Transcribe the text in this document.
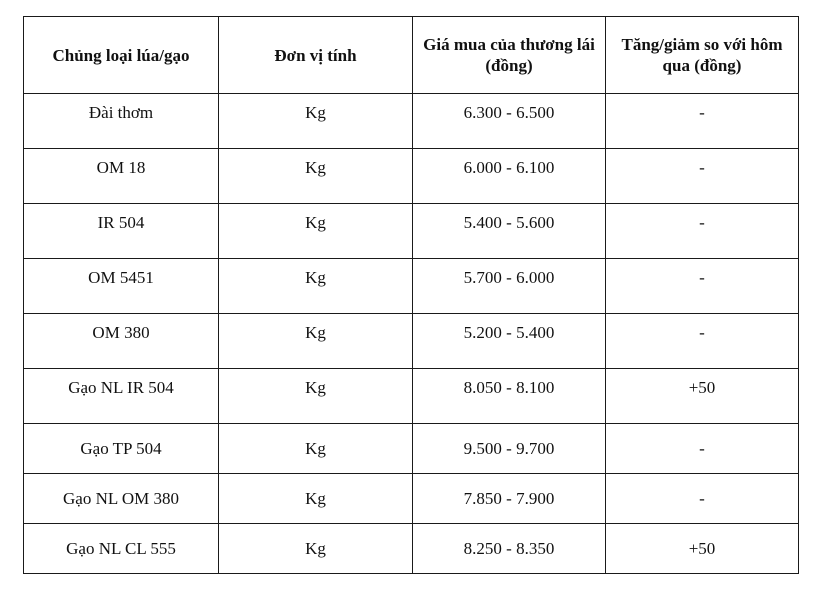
Chủng loại lúa/gạo	Đơn vị tính	Giá mua của thương lái (đồng)	Tăng/giảm so với hôm qua (đồng)
Đài thơm	Kg	6.300 - 6.500	-
OM 18	Kg	6.000 - 6.100	-
IR 504	Kg	5.400 - 5.600	-
OM 5451	Kg	5.700 - 6.000	-
OM 380	Kg	5.200 - 5.400	-
Gạo NL IR 504	Kg	8.050 - 8.100	+50
Gạo TP 504	Kg	9.500 - 9.700	-
Gạo NL OM 380	Kg	7.850 - 7.900	-
Gạo NL CL 555	Kg	8.250 - 8.350	+50
